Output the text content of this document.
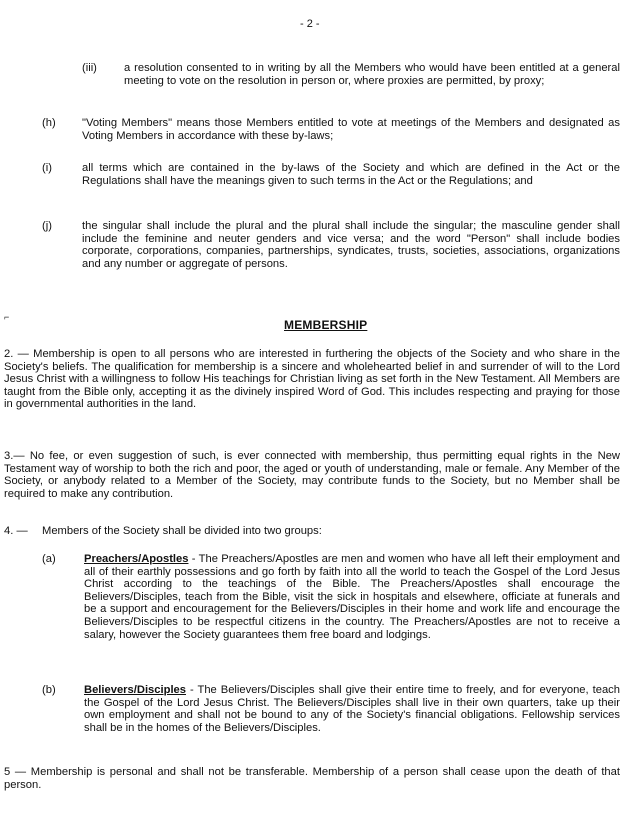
- 2 -
(iii) a resolution consented to in writing by all the Members who would have been entitled at a general meeting to vote on the resolution in person or, where proxies are permitted, by proxy;
(h) "Voting Members" means those Members entitled to vote at meetings of the Members and designated as Voting Members in accordance with these by-laws;
(i)	all terms which are contained in the by-laws of the Society and which are defined in the Act or the Regulations shall have the meanings given to such terms in the Act or the Regulations; and
(j)	the singular shall include the plural and the plural shall include the singular; the masculine gender shall include the feminine and neuter genders and vice versa; and the word "Person" shall include bodies corporate, corporations, companies, partnerships, syndicates, trusts, societies, associations, organizations and any number or aggregate of persons.
⌐
MEMBERSHIP
2. — Membership is open to all persons who are interested in furthering the objects of the Society and who share in the Society's beliefs. The qualification for membership is a sincere and wholehearted belief in and surrender of will to the Lord Jesus Christ with a willingness to follow His teachings for Christian living as set forth in the New Testament. All Members are taught from the Bible only, accepting it as the divinely inspired Word of God. This includes respecting and praying for those in governmental authorities in the land.
3.— No fee, or even suggestion of such, is ever connected with membership, thus permitting equal rights in the New Testament way of worship to both the rich and poor, the aged or youth of understanding, male or female. Any Member of the Society, or anybody related to a Member of the Society, may contribute funds to the Society, but no Member shall be required to make any contribution.
4. — Members of the Society shall be divided into two groups:
(a)	Preachers/Apostles - The Preachers/Apostles are men and women who have all left their employment and all of their earthly possessions and go forth by faith into all the world to teach the Gospel of the Lord Jesus Christ according to the teachings of the Bible. The Preachers/Apostles shall encourage the Believers/Disciples, teach from the Bible, visit the sick in hospitals and elsewhere, officiate at funerals and be a support and encouragement for the Believers/Disciples in their home and work life and encourage the Believers/Disciples to be respectful citizens in the country. The Preachers/Apostles are not to receive a salary, however the Society guarantees them free board and lodgings.
(b)	Believers/Disciples - The Believers/Disciples shall give their entire time to freely, and for everyone, teach the Gospel of the Lord Jesus Christ. The Believers/Disciples shall live in their own quarters, take up their own employment and shall not be bound to any of the Society's financial obligations. Fellowship services shall be in the homes of the Believers/Disciples.
5 — Membership is personal and shall not be transferable. Membership of a person shall cease upon the death of that person.
